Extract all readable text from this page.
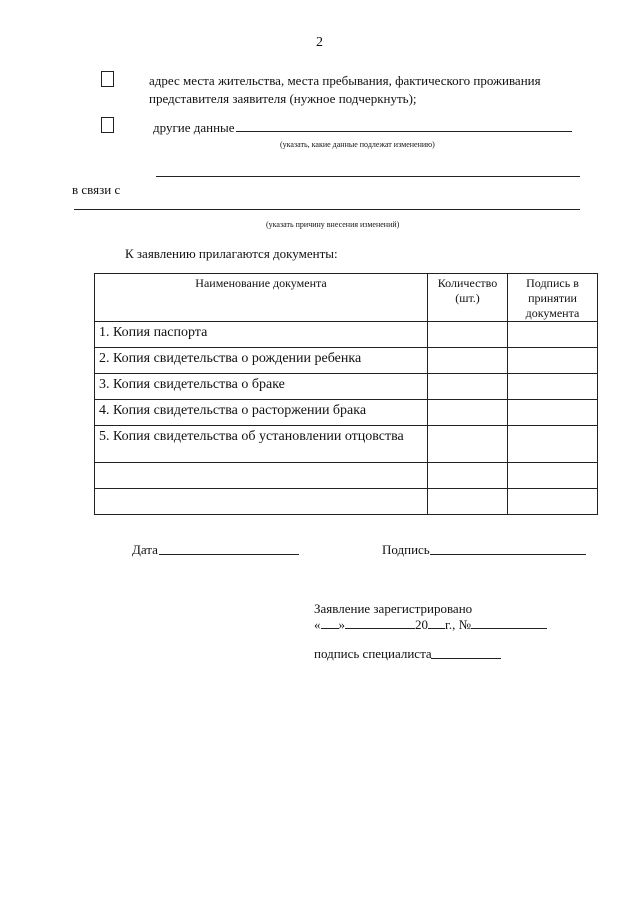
2
адрес места жительства, места пребывания, фактического проживания
представителя заявителя (нужное подчеркнуть);
другие данные
(указать, какие данные подлежат изменению)
в связи с
(указать причину внесения изменений)
К заявлению прилагаются документы:
Наименование документа	Количество (шт.)	Подпись в принятии документа
1. Копия паспорта		
2. Копия свидетельства о рождении ребенка		
3. Копия свидетельства о браке		
4. Копия свидетельства о расторжении брака		
5. Копия свидетельства об установлении отцовства		

Дата	Подпись
Заявление зарегистрировано
« »	20 г., №
подпись специалиста
